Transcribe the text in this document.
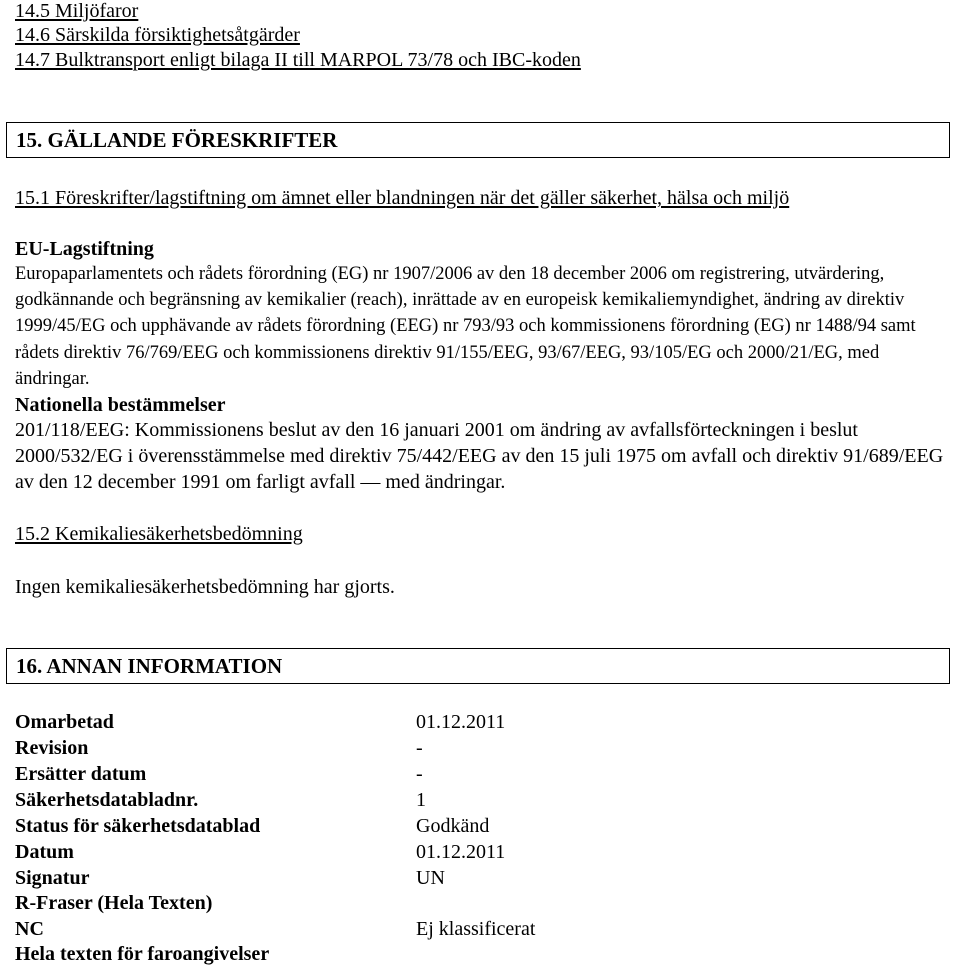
14.5 Miljöfaror
14.6 Särskilda försiktighetsåtgärder
14.7 Bulktransport enligt bilaga II till MARPOL 73/78 och IBC-koden
15. GÄLLANDE FÖRESKRIFTER
15.1 Föreskrifter/lagstiftning om ämnet eller blandningen när det gäller säkerhet, hälsa och miljö
EU-Lagstiftning
Europaparlamentets och rådets förordning (EG) nr 1907/2006 av den 18 december 2006 om registrering, utvärdering, godkännande och begränsning av kemikalier (reach), inrättade av en europeisk kemikaliemyndighet, ändring av direktiv 1999/45/EG och upphävande av rådets förordning (EEG) nr 793/93 och kommissionens förordning (EG) nr 1488/94 samt rådets direktiv 76/769/EEG och kommissionens direktiv 91/155/EEG, 93/67/EEG, 93/105/EG och 2000/21/EG, med ändringar.
Nationella bestämmelser
201/118/EEG: Kommissionens beslut av den 16 januari 2001 om ändring av avfallsförteckningen i beslut 2000/532/EG i överensstämmelse med direktiv 75/442/EEG av den 15 juli 1975 om avfall och direktiv 91/689/EEG av den 12 december 1991 om farligt avfall — med ändringar.
15.2 Kemikaliesäkerhetsbedömning
Ingen kemikaliesäkerhetsbedömning har gjorts.
16. ANNAN INFORMATION
Omarbetad	01.12.2011
Revision	-
Ersätter datum	-
Säkerhetsdatabladnr.	1
Status för säkerhetsdatablad	Godkänd
Datum	01.12.2011
Signatur	UN
R-Fraser (Hela Texten)
NC	Ej klassificerat
Hela texten för faroangivelser
